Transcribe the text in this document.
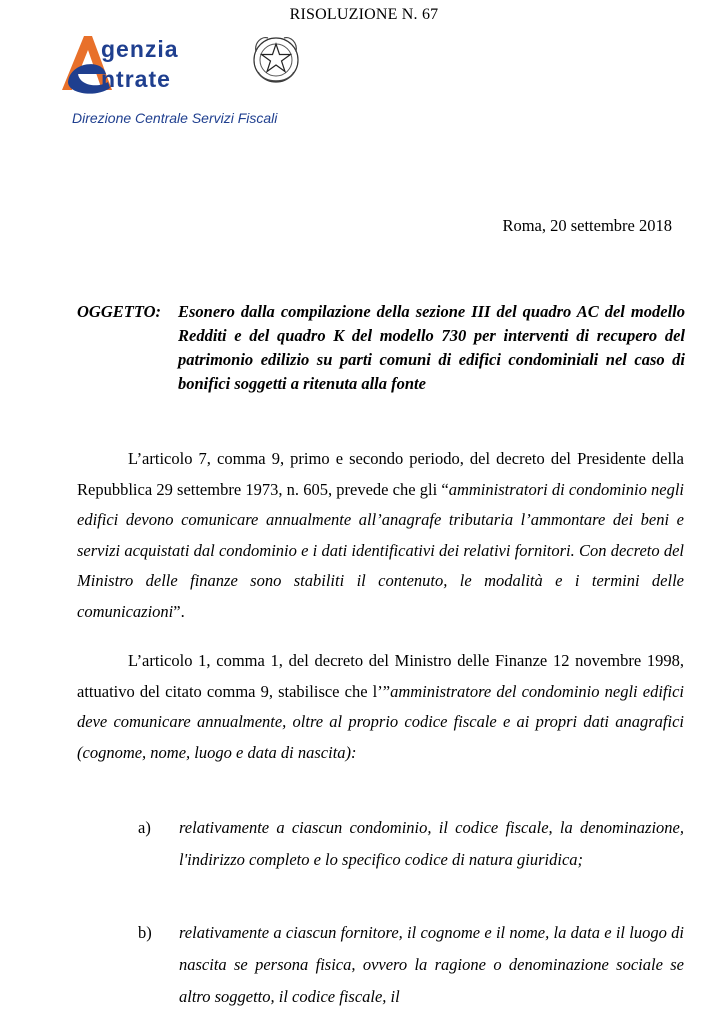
RISOLUZIONE N. 67
genzia
ntrate
Direzione Centrale Servizi Fiscali
Roma, 20 settembre 2018
OGGETTO: Esonero dalla compilazione della sezione III del quadro AC del modello Redditi e del quadro K del modello 730 per interventi di recupero del patrimonio edilizio su parti comuni di edifici condominiali nel caso di bonifici soggetti a ritenuta alla fonte
L’articolo 7, comma 9, primo e secondo periodo, del decreto del Presidente della Repubblica 29 settembre 1973, n. 605, prevede che gli “amministratori di condominio negli edifici devono comunicare annualmente all’anagrafe tributaria l’ammontare dei beni e servizi acquistati dal condominio e i dati identificativi dei relativi fornitori. Con decreto del Ministro delle finanze sono stabiliti il contenuto, le modalità e i termini delle comunicazioni”.
L’articolo 1, comma 1, del decreto del Ministro delle Finanze 12 novembre 1998, attuativo del citato comma 9, stabilisce che l’”amministratore del condominio negli edifici deve comunicare annualmente, oltre al proprio codice fiscale e ai propri dati anagrafici (cognome, nome, luogo e data di nascita):
a) relativamente a ciascun condominio, il codice fiscale, la denominazione, l'indirizzo completo e lo specifico codice di natura giuridica;
b) relativamente a ciascun fornitore, il cognome e il nome, la data e il luogo di nascita se persona fisica, ovvero la ragione o denominazione sociale se altro soggetto, il codice fiscale, il
